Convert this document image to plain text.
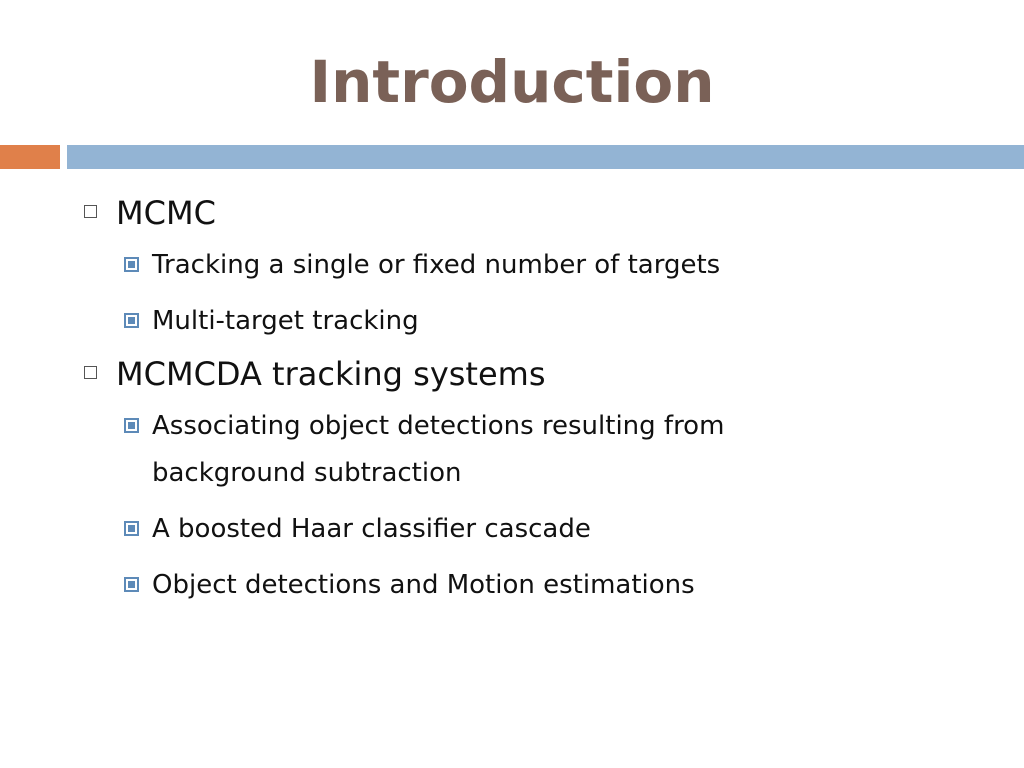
Introduction
MCMC
Tracking a single or fixed number of targets
Multi-target tracking
MCMCDA tracking systems
Associating object detections resulting from background subtraction
A boosted Haar classifier cascade
Object detections and Motion estimations
